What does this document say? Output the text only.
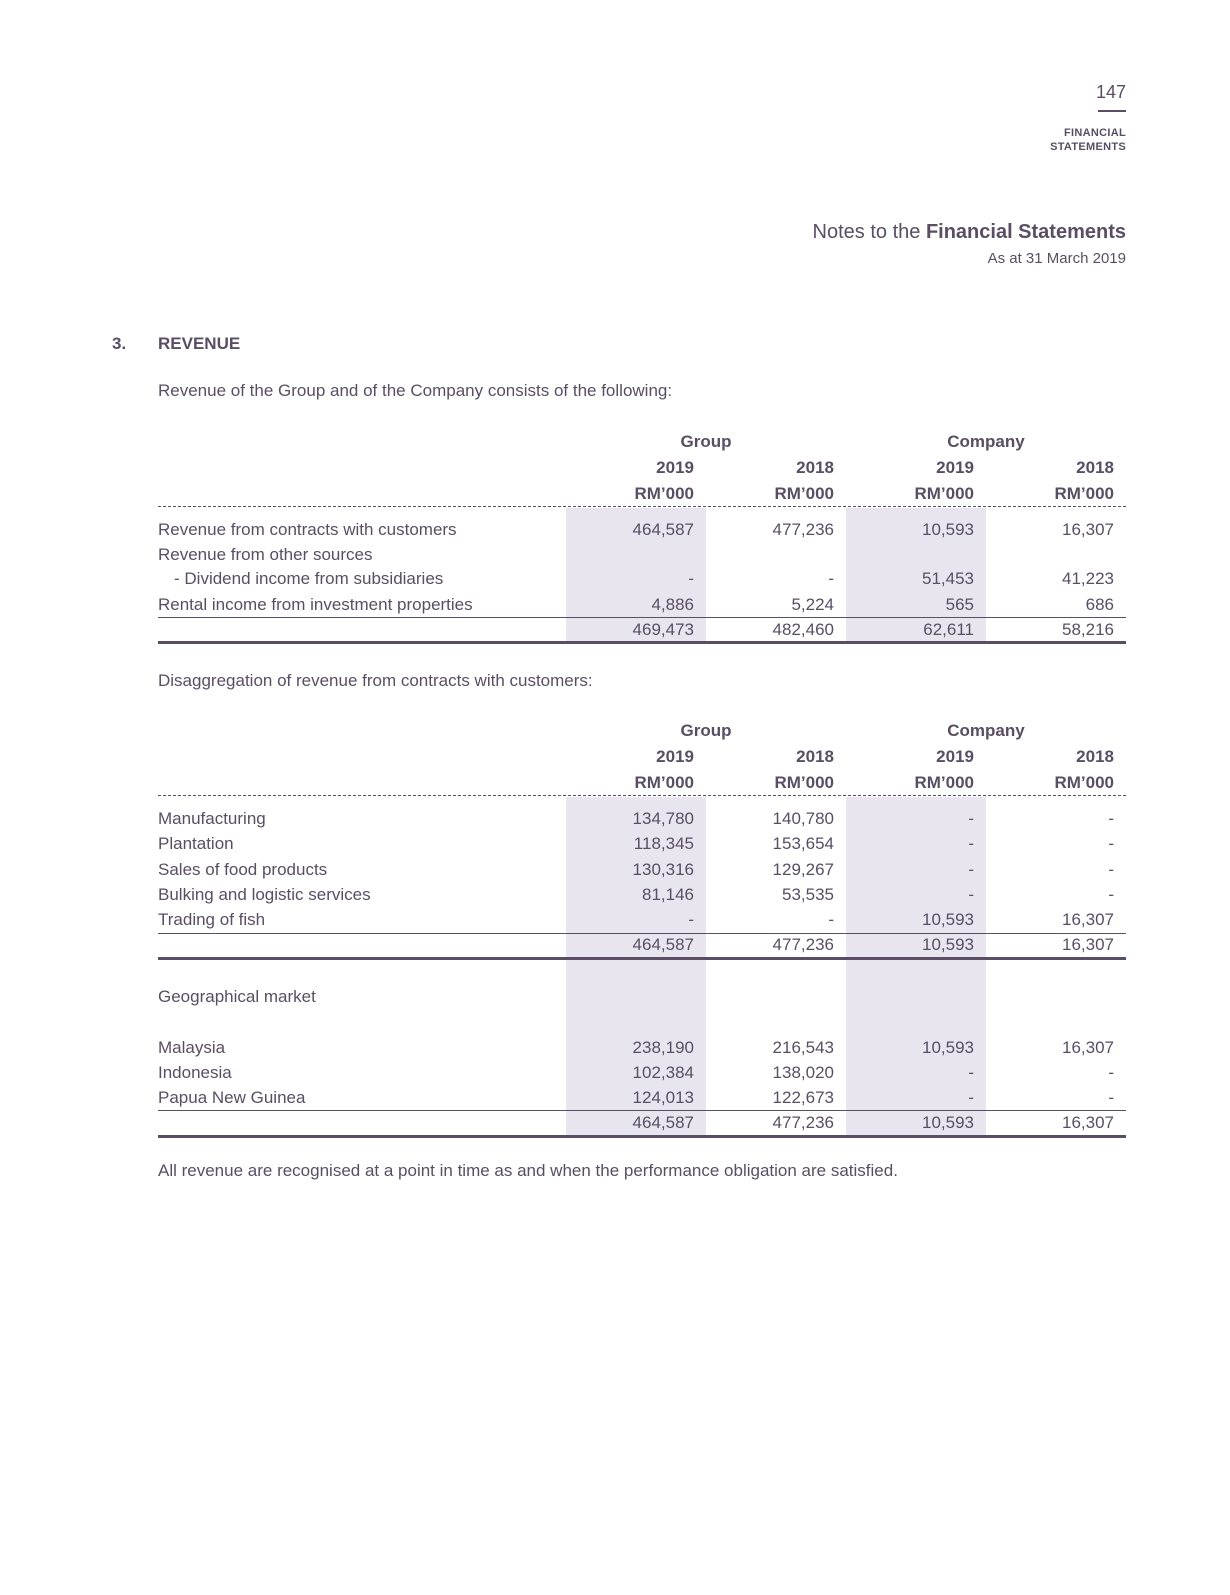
147
FINANCIAL
STATEMENTS
Notes to the Financial Statements
As at 31 March 2019
3. REVENUE
Revenue of the Group and of the Company consists of the following:
Group	Company
2019	2018	2019	2018
RM’000	RM’000	RM’000	RM’000
Revenue from contracts with customers	464,587	477,236	10,593	16,307
Revenue from other sources
- Dividend income from subsidiaries	-	-	51,453	41,223
Rental income from investment properties	4,886	5,224	565	686
469,473	482,460	62,611	58,216
Disaggregation of revenue from contracts with customers:
Group	Company
2019	2018	2019	2018
RM’000	RM’000	RM’000	RM’000
Manufacturing	134,780	140,780	-	-
Plantation	118,345	153,654	-	-
Sales of food products	130,316	129,267	-	-
Bulking and logistic services	81,146	53,535	-	-
Trading of fish	-	-	10,593	16,307
464,587	477,236	10,593	16,307
Geographical market
Malaysia	238,190	216,543	10,593	16,307
Indonesia	102,384	138,020	-	-
Papua New Guinea	124,013	122,673	-	-
464,587	477,236	10,593	16,307
All revenue are recognised at a point in time as and when the performance obligation are satisfied.
